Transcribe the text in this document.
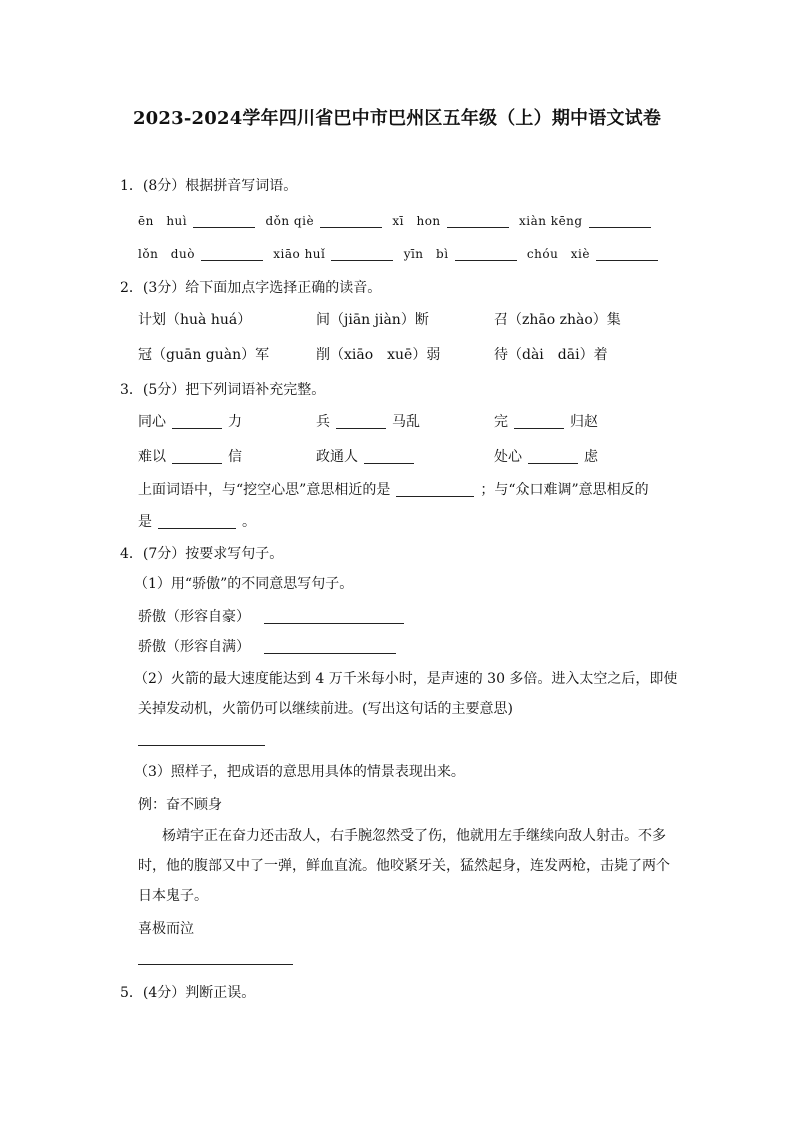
2023-2024学年四川省巴中市巴州区五年级（上）期中语文试卷
1．(8分）根据拼音写词语。
ēn　huì	dǒn qiè	xī　hon	xiàn kēng
lǒn　duò	xiāo huǐ	yīn　bì	chóu　xiè
2．(3分）给下面加点字选择正确的读音。
计划（huà huá）	间（jiān jiàn）断	召（zhāo zhào）集
冠（guān guàn）军	削（xiāo　xuē）弱	待（dài　dāi）着
3．(5分）把下列词语补充完整。
同心	力	兵	马乱	完	归赵
难以	信	政通人	处心	虑
上面词语中，与“挖空心思”意思相近的是	；与“众口难调”意思相反的
是	。
4．(7分）按要求写句子。
（1）用“骄傲”的不同意思写句子。
骄傲（形容自豪）
骄傲（形容自满）
（2）火箭的最大速度能达到 4 万千米每小时，是声速的 30 多倍。进入太空之后，即使
关掉发动机，火箭仍可以继续前进。(写出这句话的主要意思)
（3）照样子，把成语的意思用具体的情景表现出来。
例：奋不顾身
杨靖宇正在奋力还击敌人，右手腕忽然受了伤，他就用左手继续向敌人射击。不多
时，他的腹部又中了一弹，鲜血直流。他咬紧牙关，猛然起身，连发两枪，击毙了两个
日本鬼子。
喜极而泣
5．(4分）判断正误。
